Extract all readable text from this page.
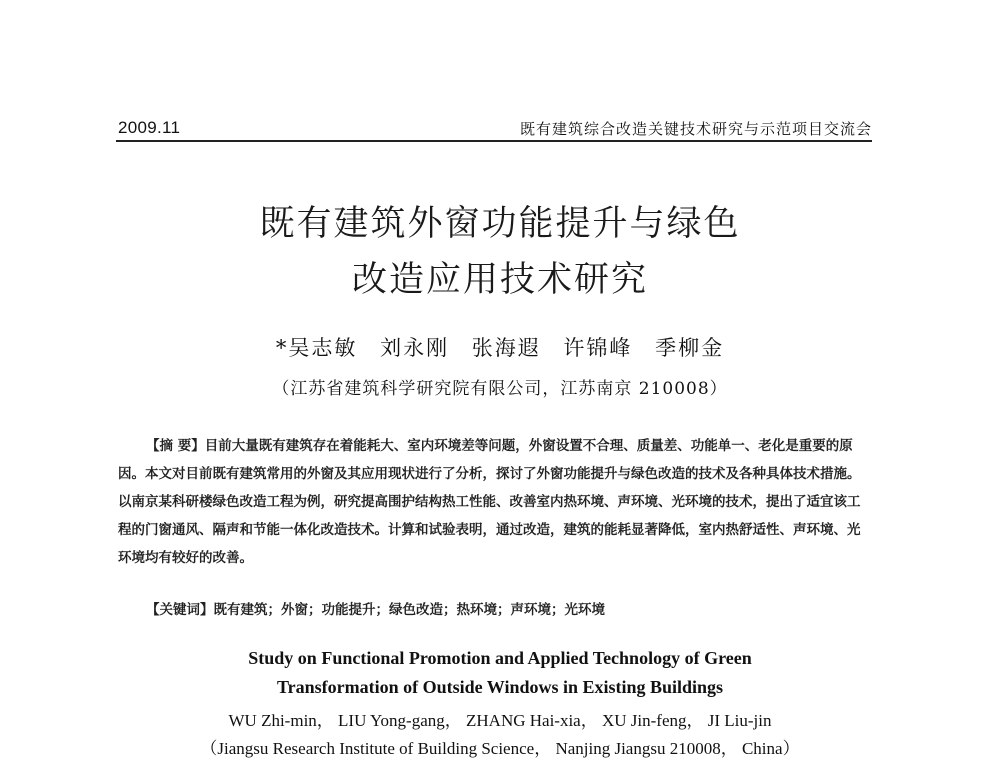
2009.11	既有建筑综合改造关键技术研究与示范项目交流会
既有建筑外窗功能提升与绿色
改造应用技术研究
*吴志敏 刘永刚 张海遐 许锦峰 季柳金
（江苏省建筑科学研究院有限公司，江苏南京 210008）
【摘 要】目前大量既有建筑存在着能耗大、室内环境差等问题，外窗设置不合理、质量差、功能单一、老化是重要的原因。本文对目前既有建筑常用的外窗及其应用现状进行了分析，探讨了外窗功能提升与绿色改造的技术及各种具体技术措施。以南京某科研楼绿色改造工程为例，研究提高围护结构热工性能、改善室内热环境、声环境、光环境的技术，提出了适宜该工程的门窗通风、隔声和节能一体化改造技术。计算和试验表明，通过改造，建筑的能耗显著降低，室内热舒适性、声环境、光环境均有较好的改善。
【关键词】既有建筑；外窗；功能提升；绿色改造；热环境；声环境；光环境
Study on Functional Promotion and Applied Technology of Green
Transformation of Outside Windows in Existing Buildings
WU Zhi-min， LIU Yong-gang， ZHANG Hai-xia， XU Jin-feng， JI Liu-jin
（Jiangsu Research Institute of Building Science， Nanjing Jiangsu 210008， China）
